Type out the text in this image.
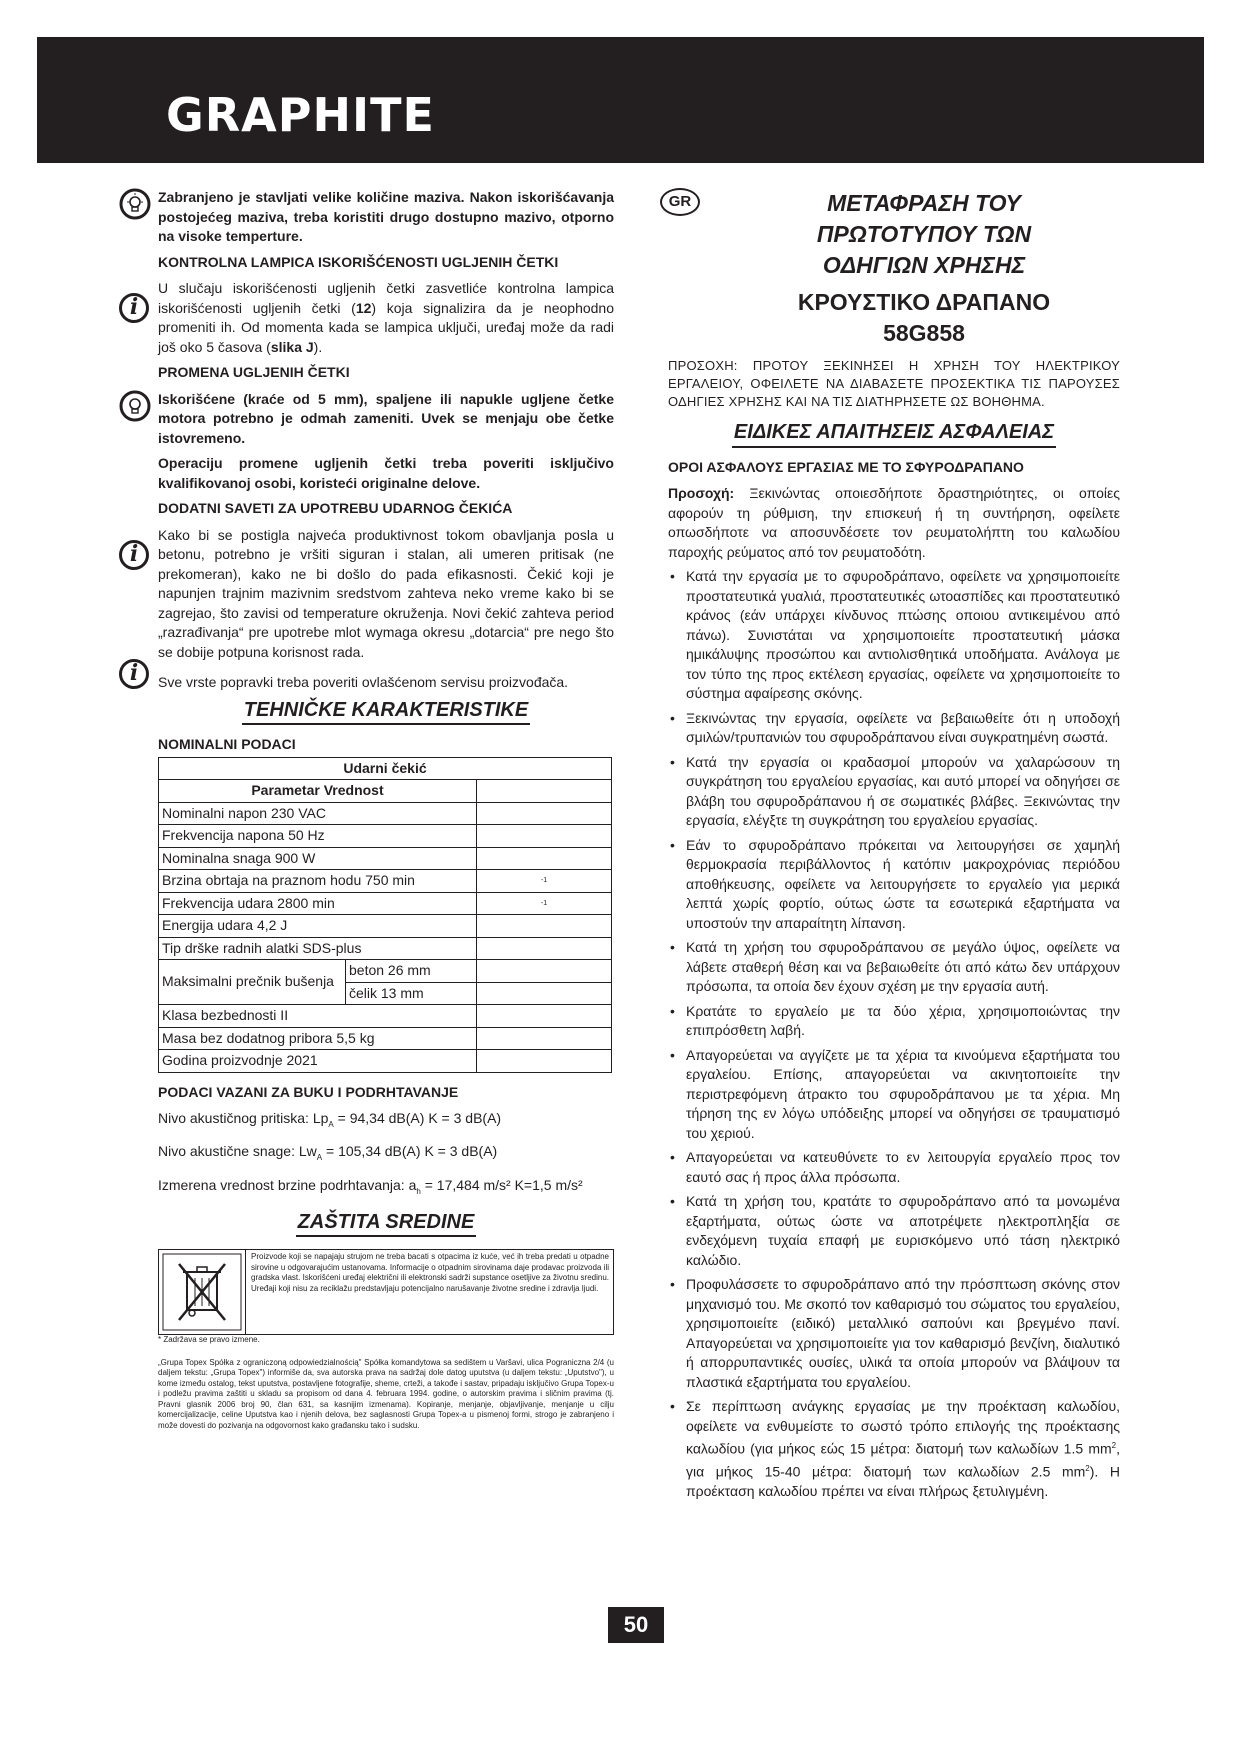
GRAPHITE

Zabranjeno je stavljati velike količine maziva. Nakon iskorišćavanja postojećeg maziva, treba koristiti drugo dostupno mazivo, otporno na visoke temperture.

KONTROLNA LAMPICA ISKORIŠĆENOSTI UGLJENIH ČETKI
i

U slučaju iskorišćenosti ugljenih četki zasvetliće kontrolna lampica iskorišćenosti ugljenih četki (12) koja signalizira da je neophodno promeniti ih. Od momenta kada se lampica uključi, uređaj može da radi još oko 5 časova (slika J).

PROMENA UGLJENIH ČETKI

Iskorišćene (kraće od 5 mm), spaljene ili napukle ugljene četke motora potrebno je odmah zameniti. Uvek se menjaju obe četke istovremeno.

Operaciju promene ugljenih četki treba poveriti isključivo kvalifikovanoj osobi, koristeći originalne delove.

DODATNI SAVETI ZA UPOTREBU UDARNOG ČEKIĆA
i

Kako bi se postigla najveća produktivnost tokom obavljanja posla u betonu, potrebno je vršiti siguran i stalan, ali umeren pritisak (ne prekomeran), kako ne bi došlo do pada efikasnosti. Čekić koji je napunjen trajnim mazivnim sredstvom zahteva neko vreme kako bi se zagrejao, što zavisi od temperature okruženja. Novi čekić zahteva period „razrađivanja“ pre upotrebe mlot wymaga okresu „dotarcia“ pre nego što se dobije potpuna korisnost rada.

i	Sve vrste popravki treba poveriti ovlašćenom servisu proizvođača.

TEHNIČKE KARAKTERISTIKE
NOMINALNI PODACI
Udarni čekić		
Parametar Vrednost		
Nominalni napon 230 VAC		
Frekvencija napona 50 Hz		
Nominalna snaga 900 W		
Brzina obrtaja na praznom hodu 750 min		-1
Frekvencija udara 2800 min		-1
Energija udara 4,2 J		
Tip drške radnih alatki SDS-plus		
Maksimalni prečnik bušenja	beton 26 mm	
	čelik 13 mm	
Klasa bezbednosti II		
Masa bez dodatnog pribora 5,5 kg		
Godina proizvodnje 2021		
PODACI VAZANI ZA BUKU I PODRHTAVANJE

Nivo akustičnog pritiska: $Lp_A = 94,34$ dB(A) K = 3 dB(A)

Nivo akustične snage: $Lw_A = 105,34$ dB(A) K = 3 dB(A)

Izmerena vrednost brzine podrhtavanja: $a_h = 17,484$ m/s² K=1,5 m/s²

ZAŠTITA SREDINE
Proizvode koji se napajaju strujom ne treba bacati s otpacima iz kuće, već ih treba predati u otpadne sirovine u odgovarajućim ustanovama. Informacije o otpadnim sirovinama daje prodavac proizvoda ili gradska vlast. Iskorišćeni uređaj električni ili elektronski sadrži supstance osetljive za životnu sredinu. Uređaji koji nisu za reciklažu predstavljaju potencijalno narušavanje životne sredine i zdravlja ljudi.
* Zadržava se pravo izmene.
„Grupa Topex Spółka z ograniczoną odpowiedzialnością" Spółka komandytowa sa sedištem u Varšavi, ulica Pograniczna 2/4 (u daljem tekstu: „Grupa Topex") informiše da, sva autorska prava na sadržaj dole datog uputstva (u daljem tekstu: „Uputstvo"), u kome između ostalog, tekst uputstva, postavljene fotografije, sheme, crteži, a takođe i sastav, pripadaju isključivo Grupa Topex-u i podležu pravima zaštiti u skladu sa propisom od dana 4. februara 1994. godine, o autorskim pravima i sličnim pravima (tj. Pravni glasnik 2006 broj 90, član 631, sa kasnijim izmenama). Kopiranje, menjanje, objavljivanje, menjanje u cilju komercijalizacije, celine Uputstva kao i njenih delova, bez saglasnosti Grupa Topex-a u pismenoj formi, strogo je zabranjeno i može dovesti do pozivanja na odgovornost kako građansku tako i sudsku.
GR	ΜΕΤΑΦΡΑΣΗ ΤΟΥ
ΠΡΩΤΟΤΥΠΟΥ ΤΩΝ
ΟΔΗΓΙΩΝ ΧΡΗΣΗΣ
ΚΡΟΥΣΤΙΚΟ ΔΡΑΠΑΝΟ
58G858

ΠΡΟΣΟΧΗ: ΠΡΟΤΟΥ ΞΕΚΙΝΗΣΕΙ Η ΧΡΗΣΗ ΤΟΥ ΗΛΕΚΤΡΙΚΟΥ ΕΡΓΑΛΕΙΟΥ, ΟΦΕΙΛΕΤΕ ΝΑ ΔΙΑΒΑΣΕΤΕ ΠΡΟΣΕΚΤΙΚΑ ΤΙΣ ΠΑΡΟΥΣΕΣ ΟΔΗΓΙΕΣ ΧΡΗΣΗΣ ΚΑΙ ΝΑ ΤΙΣ ΔΙΑΤΗΡΗΣΕΤΕ ΩΣ ΒΟΗΘΗΜΑ.

ΕΙΔΙΚΕΣ ΑΠΑΙΤΗΣΕΙΣ ΑΣΦΑΛΕΙΑΣ
ΟΡΟΙ ΑΣΦΑΛΟΥΣ ΕΡΓΑΣΙΑΣ ΜΕ ΤΟ ΣΦΥΡΟΔΡΑΠΑΝΟ

Προσοχή: Ξεκινώντας οποιεσδήποτε δραστηριότητες, οι οποίες αφορούν τη ρύθμιση, την επισκευή ή τη συντήρηση, οφείλετε οπωσδήποτε να αποσυνδέσετε τον ρευματολήπτη του καλωδίου παροχής ρεύματος από τον ρευματοδότη.

• Κατά την εργασία με το σφυροδράπανο, οφείλετε να χρησιμοποιείτε προστατευτικά γυαλιά, προστατευτικές ωτοασπίδες και προστατευτικό κράνος (εάν υπάρχει κίνδυνος πτώσης οποιου αντικειμένου από πάνω). Συνιστάται να χρησιμοποιείτε προστατευτική μάσκα ημικάλυψης προσώπου και αντιολισθητικά υποδήματα. Ανάλογα με τον τύπο της προς εκτέλεση εργασίας, οφείλετε να χρησιμοποιείτε το σύστημα αφαίρεσης σκόνης.
• Ξεκινώντας την εργασία, οφείλετε να βεβαιωθείτε ότι η υποδοχή σμιλών/τρυπανιών του σφυροδράπανου είναι συγκρατημένη σωστά.
• Κατά την εργασία οι κραδασμοί μπορούν να χαλαρώσουν τη συγκράτηση του εργαλείου εργασίας, και αυτό μπορεί να οδηγήσει σε βλάβη του σφυροδράπανου ή σε σωματικές βλάβες. Ξεκινώντας την εργασία, ελέγξτε τη συγκράτηση του εργαλείου εργασίας.
• Εάν το σφυροδράπανο πρόκειται να λειτουργήσει σε χαμηλή θερμοκρασία περιβάλλοντος ή κατόπιν μακροχρόνιας περιόδου αποθήκευσης, οφείλετε να λειτουργήσετε το εργαλείο για μερικά λεπτά χωρίς φορτίο, ούτως ώστε τα εσωτερικά εξαρτήματα να υποστούν την απαραίτητη λίπανση.
• Κατά τη χρήση του σφυροδράπανου σε μεγάλο ύψος, οφείλετε να λάβετε σταθερή θέση και να βεβαιωθείτε ότι από κάτω δεν υπάρχουν πρόσωπα, τα οποία δεν έχουν σχέση με την εργασία αυτή.
• Κρατάτε το εργαλείο με τα δύο χέρια, χρησιμοποιώντας την επιπρόσθετη λαβή.
• Απαγορεύεται να αγγίζετε με τα χέρια τα κινούμενα εξαρτήματα του εργαλείου. Επίσης, απαγορεύεται να ακινητοποιείτε την περιστρεφόμενη άτρακτο του σφυροδράπανου με τα χέρια. Μη τήρηση της εν λόγω υπόδειξης μπορεί να οδηγήσει σε τραυματισμό του χεριού.
• Απαγορεύεται να κατευθύνετε το εν λειτουργία εργαλείο προς τον εαυτό σας ή προς άλλα πρόσωπα.
• Κατά τη χρήση του, κρατάτε το σφυροδράπανο από τα μονωμένα εξαρτήματα, ούτως ώστε να αποτρέψετε ηλεκτροπληξία σε ενδεχόμενη τυχαία επαφή με ευρισκόμενο υπό τάση ηλεκτρικό καλώδιο.
• Προφυλάσσετε το σφυροδράπανο από την πρόσπτωση σκόνης στον μηχανισμό του. Με σκοπό τον καθαρισμό του σώματος του εργαλείου, χρησιμοποιείτε (ειδικό) μεταλλικό σαπούνι και βρεγμένο πανί. Απαγορεύεται να χρησιμοποιείτε για τον καθαρισμό βενζίνη, διαλυτικό ή απορρυπαντικές ουσίες, υλικά τα οποία μπορούν να βλάψουν τα πλαστικά εξαρτήματα του εργαλείου.
• Σε περίπτωση ανάγκης εργασίας με την προέκταση καλωδίου, οφείλετε να ενθυμείστε το σωστό τρόπο επιλογής της προέκτασης καλωδίου (για μήκος εώς 15 μέτρα: διατομή των καλωδίων 1.5 $mm^2$, για μήκος 15-40 μέτρα: διατομή των καλωδίων 2.5 $mm^2$). Η προέκταση καλωδίου πρέπει να είναι πλήρως ξετυλιγμένη.
50
